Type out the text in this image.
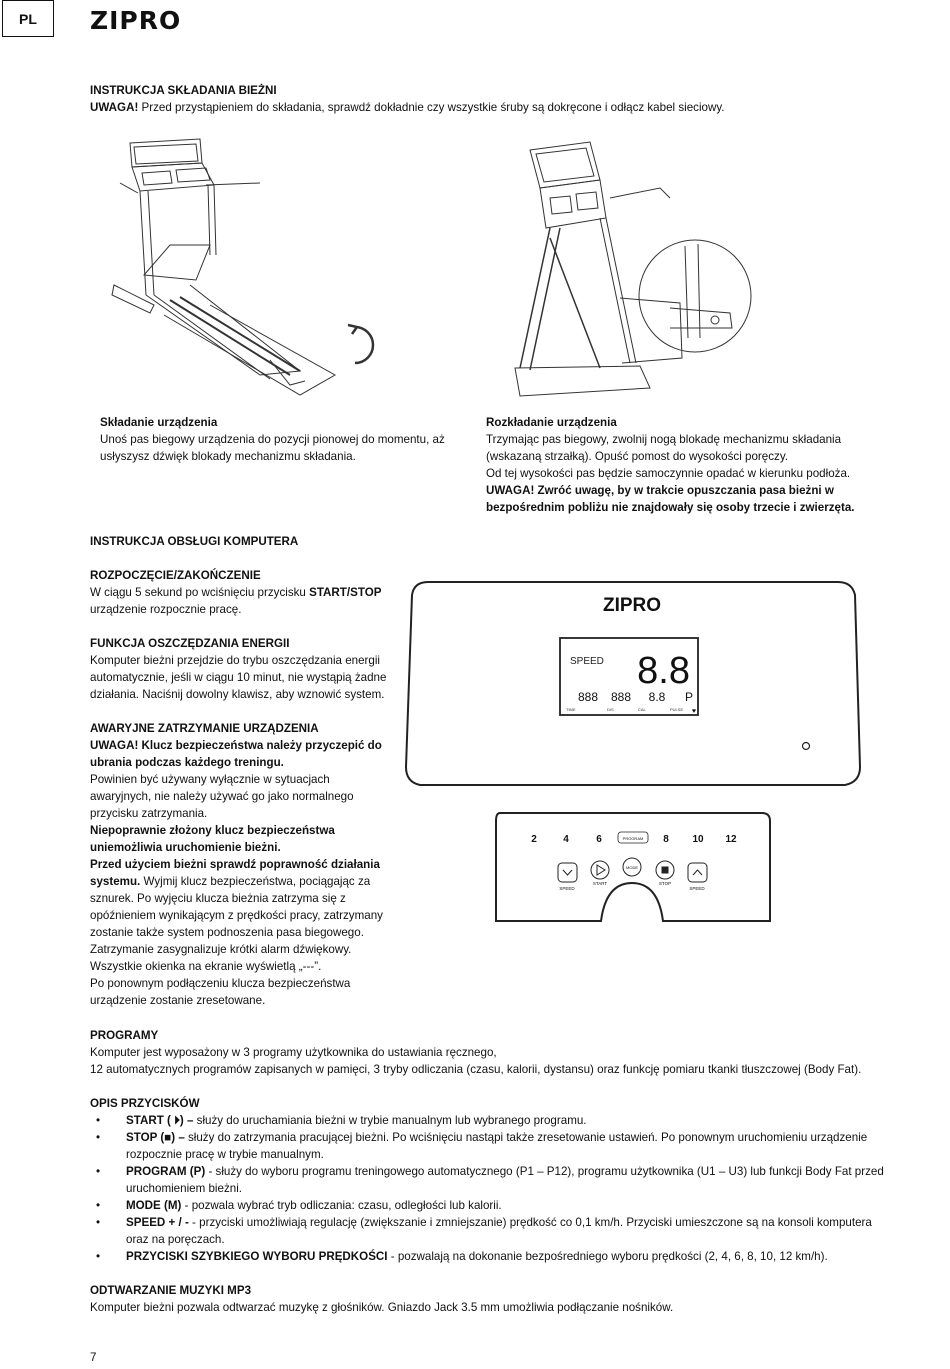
PL	ZIPRO

INSTRUKCJA SKŁADANIA BIEŻNI

UWAGA! Przed przystąpieniem do składania, sprawdź dokładnie czy wszystkie śruby są dokręcone i odłącz kabel sieciowy.

Składanie urządzenia

Unoś pas biegowy urządzenia do pozycji pionowej do momentu, aż

usłyszysz dźwięk blokady mechanizmu składania.

Rozkładanie urządzenia

Trzymając pas biegowy, zwolnij nogą blokadę mechanizmu składania

(wskazaną strzałką). Opuść pomost do wysokości poręczy.

Od tej wysokości pas będzie samoczynnie opadać w kierunku podłoża.

UWAGA! Zwróć uwagę, by w trakcie opuszczania pasa bieżni w

bezpośrednim pobliżu nie znajdowały się osoby trzecie i zwierzęta.

INSTRUKCJA OBSŁUGI KOMPUTERA

ROZPOCZĘCIE/ZAKOŃCZENIE

W ciągu 5 sekund po wciśnięciu przycisku START/STOP

urządzenie rozpocznie pracę.

FUNKCJA OSZCZĘDZANIA ENERGII

Komputer bieżni przejdzie do trybu oszczędzania energii

automatycznie, jeśli w ciągu 10 minut, nie wystąpią żadne

działania. Naciśnij dowolny klawisz, aby wznowić system.

AWARYJNE ZATRZYMANIE URZĄDZENIA

UWAGA! Klucz bezpieczeństwa należy przyczepić do

ubrania podczas każdego treningu.

Powinien być używany wyłącznie w sytuacjach

awaryjnych, nie należy używać go jako normalnego

przycisku zatrzymania.

Niepoprawnie złożony klucz bezpieczeństwa

uniemożliwia uruchomienie bieżni.

Przed użyciem bieżni sprawdź poprawność działania

systemu. Wyjmij klucz bezpieczeństwa, pociągając za

sznurek. Po wyjęciu klucza bieżnia zatrzyma się z

opóźnieniem wynikającym z prędkości pracy, zatrzymany

zostanie także system podnoszenia pasa biegowego.

Zatrzymanie zasygnalizuje krótki alarm dźwiękowy.

Wszystkie okienka na ekranie wyświetlą „---”.

Po ponownym podłączeniu klucza bezpieczeństwa

urządzenie zostanie zresetowane.

ZIPRO
SPEED 8.8
888 888 8.8 P
TIME	DIS	CAL	PULSE ♥
2	4	6	PROGRAM 8 10 12
MODE
SPEED
START	STOP
SPEED

PROGRAMY

Komputer jest wyposażony w 3 programy użytkownika do ustawiania ręcznego,

12 automatycznych programów zapisanych w pamięci, 3 tryby odliczania (czasu, kalorii, dystansu) oraz funkcję pomiaru tkanki tłuszczowej (Body Fat).

OPIS PRZYCISKÓW

• START ( ⏵) – służy do uruchamiania bieżni w trybie manualnym lub wybranego programu.
• STOP (■) – służy do zatrzymania pracującej bieżni. Po wciśnięciu nastąpi także zresetowanie ustawień. Po ponownym uruchomieniu urządzenie
rozpocznie pracę w trybie manualnym.
• PROGRAM (P) - służy do wyboru programu treningowego automatycznego (P1 – P12), programu użytkownika (U1 – U3) lub funkcji Body Fat przed
uruchomieniem bieżni.
• MODE (M) - pozwala wybrać tryb odliczania: czasu, odległości lub kalorii.
• SPEED + / - - przyciski umożliwiają regulację (zwiększanie i zmniejszanie) prędkość co 0,1 km/h. Przyciski umieszczone są na konsoli komputera
oraz na poręczach.
• PRZYCISKI SZYBKIEGO WYBORU PRĘDKOŚCI - pozwalają na dokonanie bezpośredniego wyboru prędkości (2, 4, 6, 8, 10, 12 km/h).

ODTWARZANIE MUZYKI MP3

Komputer bieżni pozwala odtwarzać muzykę z głośników. Gniazdo Jack 3.5 mm umożliwia podłączanie nośników.

7
